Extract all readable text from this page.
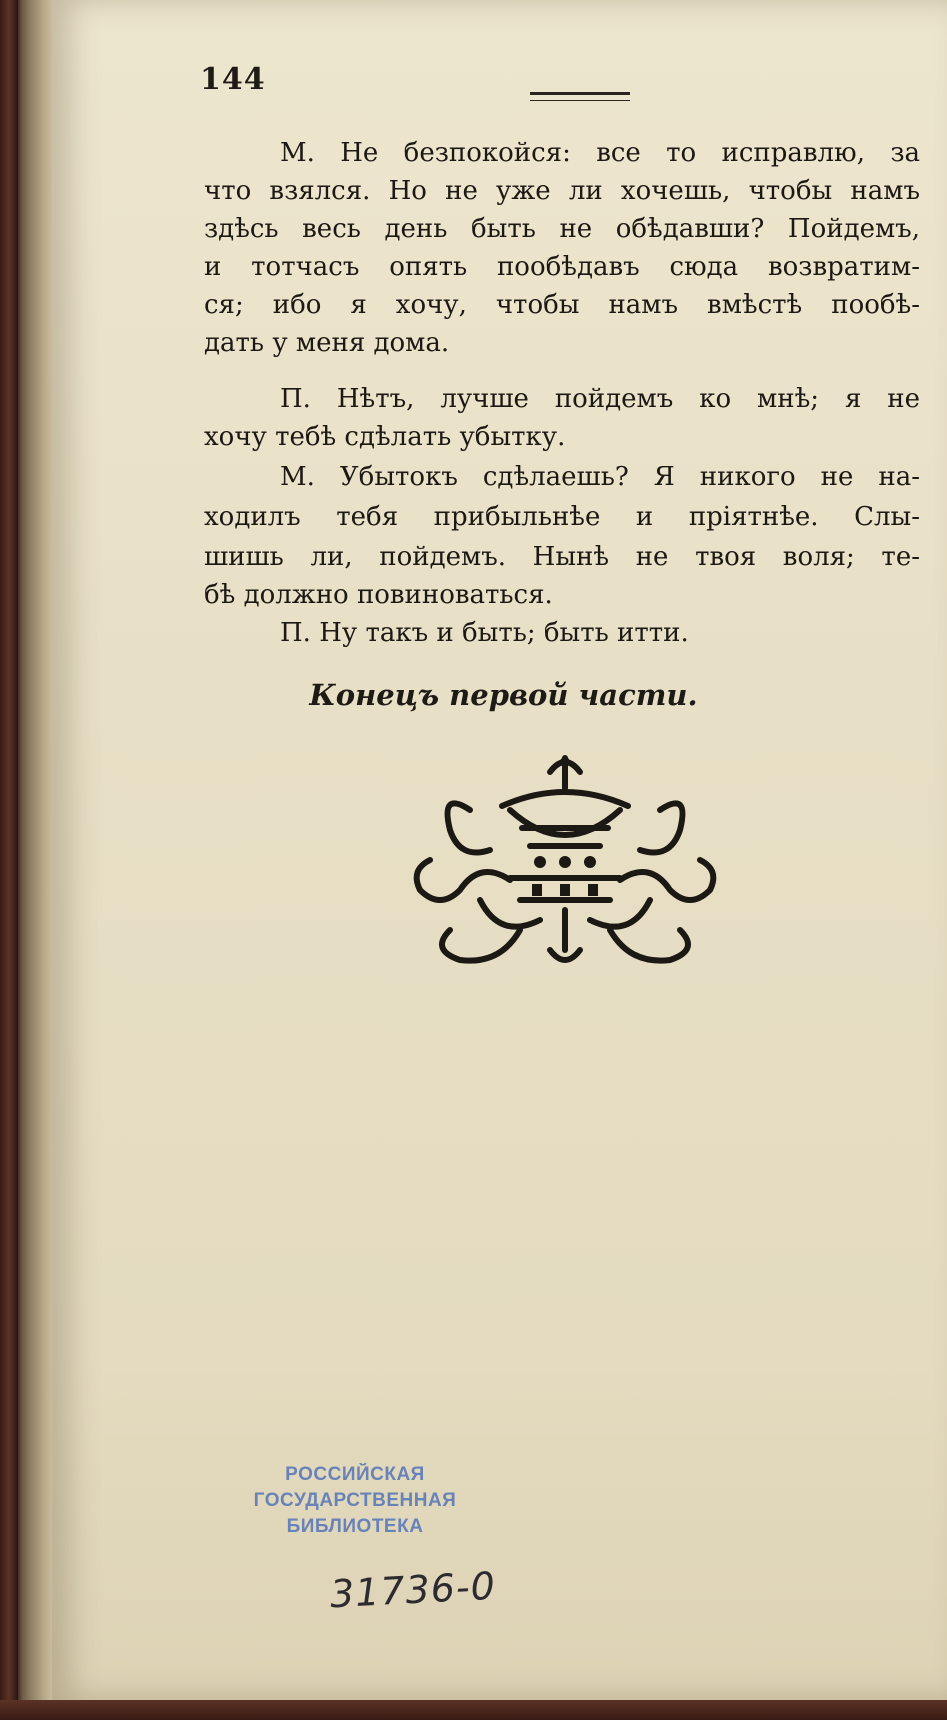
144
М. Не безпокойся: все то исправлю, за
что взялся. Но не уже ли хочешь, чтобы намъ
здѣсь весь день быть не обѣдавши? Пойдемъ,
и тотчасъ опять пообѣдавъ сюда возвратим-
ся; ибо я хочу, чтобы намъ вмѣстѣ пообѣ-
дать у меня дома.
П. Нѣтъ, лучше пойдемъ ко мнѣ; я не
хочу тебѣ сдѣлать убытку.
М. Убытокъ сдѣлаешь? Я никого не на-
ходилъ тебя прибыльнѣе и пріятнѣе. Слы-
шишь ли, пойдемъ. Нынѣ не твоя воля; те-
бѣ должно повиноваться.
П. Ну такъ и быть; быть итти.
Конецъ первой части.
РОССИЙСКАЯ
ГОСУДАРСТВЕННАЯ
БИБЛИОТЕКА
31736-0
